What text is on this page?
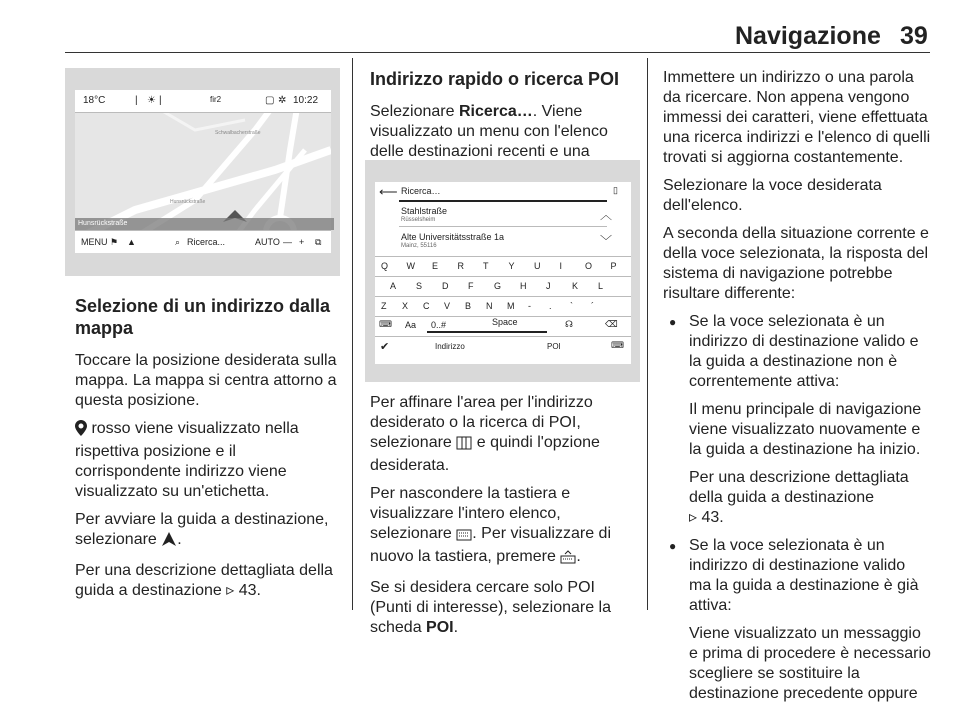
Navigazione 39
Hunsrückstraße
Schwalbacherstraße
18°C	| ☀ |	fir2	▢ ✲ 10:22
Hunsrückstraße
MENU ⚑ ▲	⌕ Ricerca...	AUTO — + ⧉
Selezione di un indirizzo dalla mappa

Toccare la posizione desiderata sulla mappa. La mappa si centra attorno a questa posizione.

rosso viene visualizzato nella rispettiva posizione e il corrispondente indirizzo viene visualizzato su un'etichetta.

Per avviare la guida a destinazione, selezionare .

Per una descrizione dettagliata della guida a destinazione ▹ 43.

Indirizzo rapido o ricerca POI

Selezionare Ricerca…. Viene visualizzato un menu con l'elenco delle destinazioni recenti e una

⟵ Ricerca…	▯
Stahlstraße
Rüsselsheim	︿
Alte Universitätsstraße 1a
Mainz, 55116	﹀
Q W E R T Y U I	O P
A S D F G H J K L
Z X C V B N M - . ` ´
⌨ Aa 0..#	Space	☊	⌫
✔	Indirizzo	POI	⌨

Per affinare l'area per l'indirizzo desiderato o la ricerca di POI, selezionare e quindi l'opzione desiderata.

Per nascondere la tastiera e visualizzare l'intero elenco, selezionare . Per visualizzare di nuovo la tastiera, premere .

Se si desidera cercare solo POI (Punti di interesse), selezionare la scheda POI.

Immettere un indirizzo o una parola da ricercare. Non appena vengono immessi dei caratteri, viene effettuata una ricerca indirizzi e l'elenco di quelli trovati si aggiorna costantemente.

Selezionare la voce desiderata dell'elenco.

A seconda della situazione corrente e della voce selezionata, la risposta del sistema di navigazione potrebbe risultare differente:

● Se la voce selezionata è un indirizzo di destinazione valido e la guida a destinazione non è correntemente attiva:
Il menu principale di navigazione viene visualizzato nuovamente e la guida a destinazione ha inizio.
Per una descrizione dettagliata della guida a destinazione
▹ 43.
● Se la voce selezionata è un indirizzo di destinazione valido ma la guida a destinazione è già attiva:
Viene visualizzato un messaggio e prima di procedere è necessario scegliere se sostituire la destinazione precedente oppure
